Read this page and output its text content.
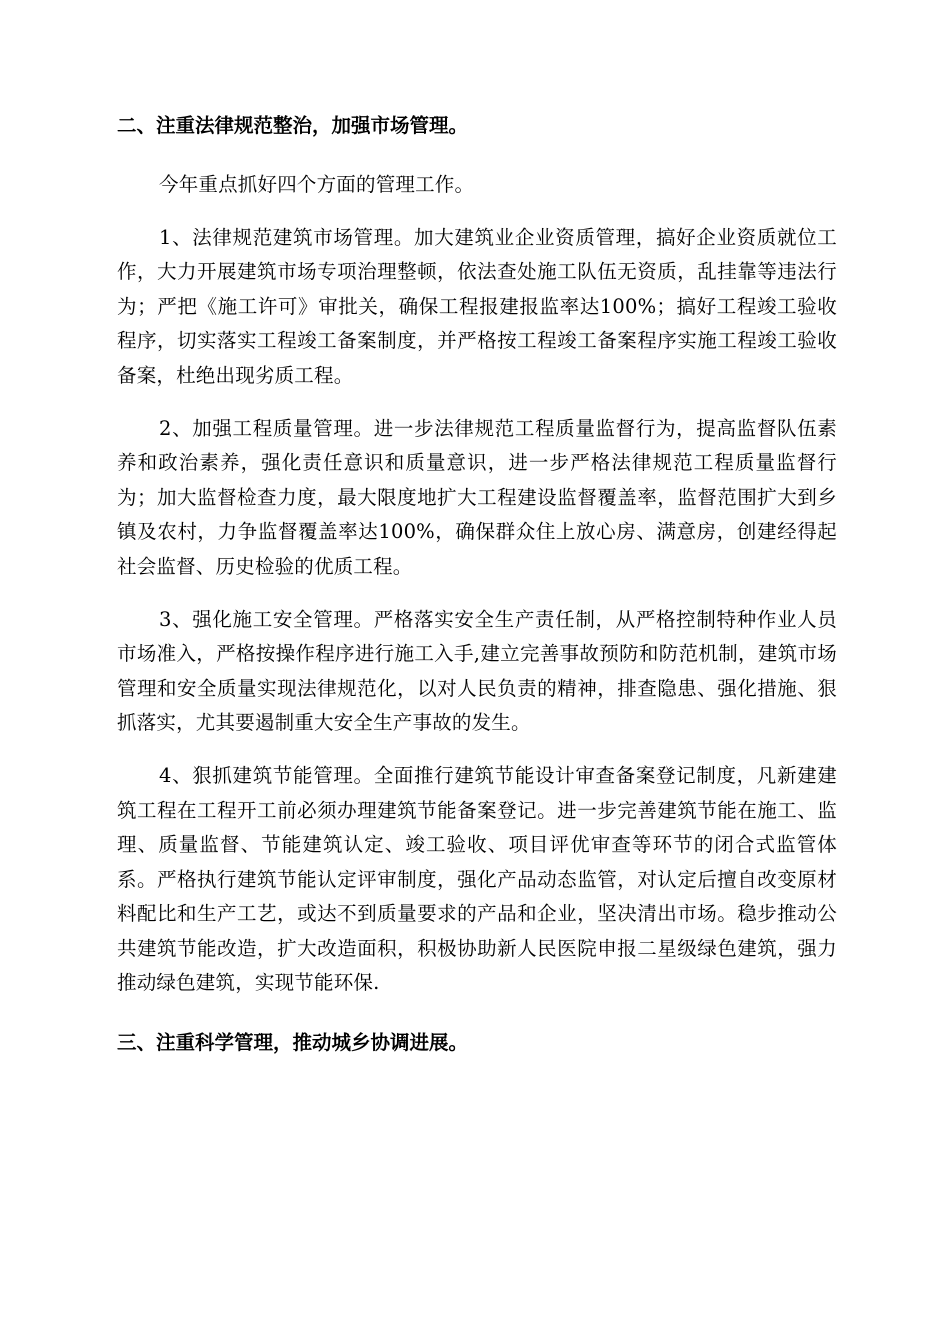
二、注重法律规范整治，加强市场管理。

今年重点抓好四个方面的管理工作。

1、法律规范建筑市场管理。加大建筑业企业资质管理，搞好企业资质就位工作，大力开展建筑市场专项治理整顿，依法查处施工队伍无资质，乱挂靠等违法行为；严把《施工许可》审批关，确保工程报建报监率达100%；搞好工程竣工验收程序，切实落实工程竣工备案制度，并严格按工程竣工备案程序实施工程竣工验收备案，杜绝出现劣质工程。

2、加强工程质量管理。进一步法律规范工程质量监督行为，提高监督队伍素养和政治素养，强化责任意识和质量意识，进一步严格法律规范工程质量监督行为；加大监督检查力度，最大限度地扩大工程建设监督覆盖率，监督范围扩大到乡镇及农村，力争监督覆盖率达100%，确保群众住上放心房、满意房，创建经得起社会监督、历史检验的优质工程。

3、强化施工安全管理。严格落实安全生产责任制，从严格控制特种作业人员市场准入，严格按操作程序进行施工入手,建立完善事故预防和防范机制，建筑市场管理和安全质量实现法律规范化，以对人民负责的精神，排查隐患、强化措施、狠抓落实，尤其要遏制重大安全生产事故的发生。

4、狠抓建筑节能管理。全面推行建筑节能设计审查备案登记制度，凡新建建筑工程在工程开工前必须办理建筑节能备案登记。进一步完善建筑节能在施工、监理、质量监督、节能建筑认定、竣工验收、项目评优审查等环节的闭合式监管体系。严格执行建筑节能认定评审制度，强化产品动态监管，对认定后擅自改变原材料配比和生产工艺，或达不到质量要求的产品和企业，坚决清出市场。稳步推动公共建筑节能改造，扩大改造面积，积极协助新人民医院申报二星级绿色建筑，强力推动绿色建筑，实现节能环保.

三、注重科学管理，推动城乡协调进展。
